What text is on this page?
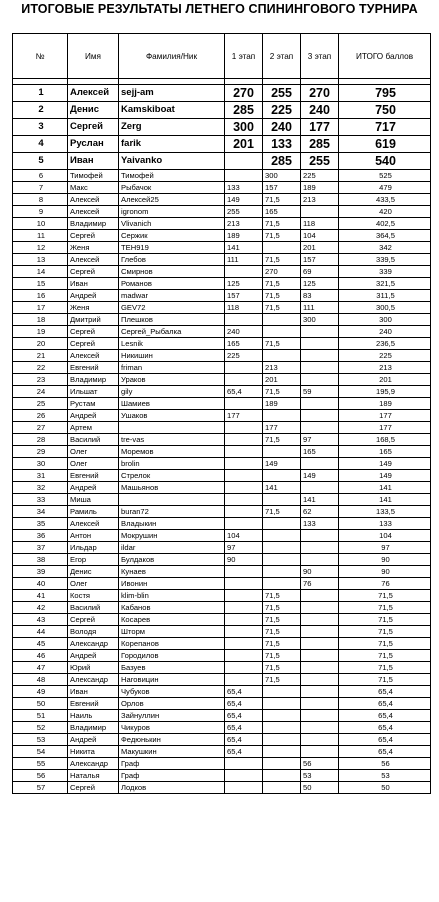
ИТОГОВЫЕ РЕЗУЛЬТАТЫ ЛЕТНЕГО СПИНИНГОВОГО ТУРНИРА
№	Имя	Фамилия/Ник	1 этап	2 этап	3 этап	ИТОГО баллов

1	Алексей	sejj-am	270	255	270	795
2	Денис	Kamskiboat	285	225	240	750
3	Сергей	Zerg	300	240	177	717
4	Руслан	farik	201	133	285	619
5	Иван	Yaivanko		285	255	540
6	Тимофей	Тимофей		300	225	525
7	Макс	Рыбачок	133	157	189	479
8	Алексей	Алексей25	149	71,5	213	433,5
9	Алексей	igronom	255	165		420
10	Владимир	Vlivanich	213	71,5	118	402,5
11	Сергей	Сержик	189	71,5	104	364,5
12	Женя	TEH919	141		201	342
13	Алексей	Глебов	111	71,5	157	339,5
14	Сергей	Смирнов		270	69	339
15	Иван	Романов	125	71,5	125	321,5
16	Андрей	madwar	157	71,5	83	311,5
17	Женя	GEV72	118	71,5	111	300,5
18	Дмитрий	Плешков			300	300
19	Сергей	Сергей_Рыбалка	240			240
20	Сергей	Lesnik	165	71,5		236,5
21	Алексей	Никишин	225			225
22	Евгений	friman		213		213
23	Владимир	Ураков		201		201
24	Ильшат	gily	65,4	71,5	59	195,9
25	Рустам	Шамиев		189		189
26	Андрей	Ушаков	177			177
27	Артем			177		177
28	Василий	tre-vas		71,5	97	168,5
29	Олег	Моремов			165	165
30	Олег	brolin		149		149
31	Евгений	Стрелок			149	149
32	Андрей	Машьянов		141		141
33	Миша				141	141
34	Рамиль	buran72		71,5	62	133,5
35	Алексей	Владыкин			133	133
36	Антон	Мокрушин	104			104
37	Ильдар	ildar	97			97
38	Егор	Булдаков	90			90
39	Денис	Кунаев			90	90
40	Олег	Ивонин			76	76
41	Костя	klim-blin		71,5		71,5
42	Василий	Кабанов		71,5		71,5
43	Сергей	Косарев		71,5		71,5
44	Володя	Шторм		71,5		71,5
45	Александр	Корепанов		71,5		71,5
46	Андрей	Городилов		71,5		71,5
47	Юрий	Базуев		71,5		71,5
48	Александр	Наговицин		71,5		71,5
49	Иван	Чубуков	65,4			65,4
50	Евгений	Орлов	65,4			65,4
51	Наиль	Зайнуллин	65,4			65,4
52	Владимир	Чикуров	65,4			65,4
53	Андрей	Федюнькин	65,4			65,4
54	Никита	Макушкин	65,4			65,4
55	Александр	Граф			56	56
56	Наталья	Граф			53	53
57	Сергей	Лодков			50	50
